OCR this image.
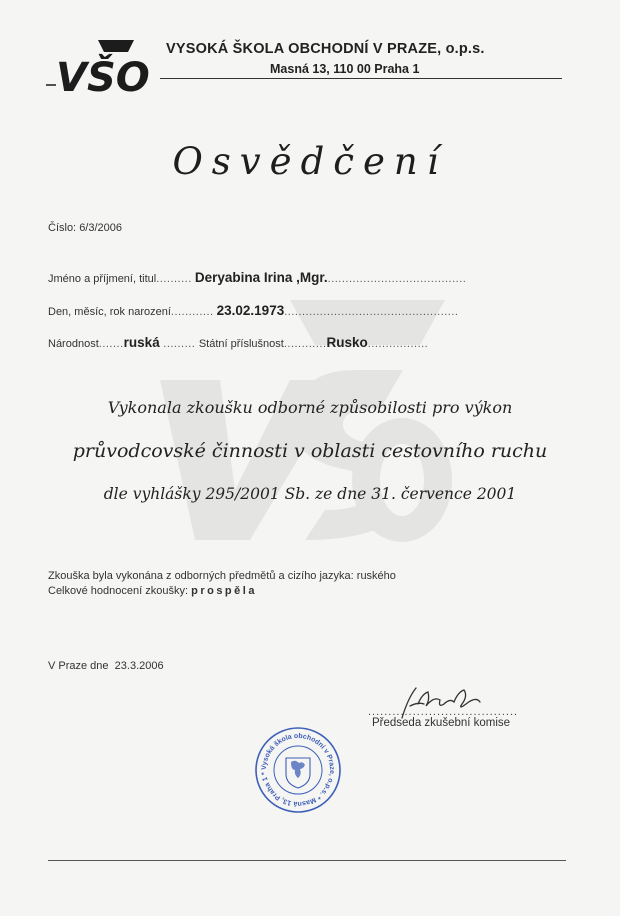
VŠO
VYSOKÁ ŠKOLA OBCHODNÍ V PRAZE, o.p.s.
Masná 13, 110 00 Praha 1
Osvědčení
Číslo: 6/3/2006
Jméno a příjmení, titul.......... Deryabina Irina ,Mgr........................................
Den, měsíc, rok narození............ 23.02.1973.................................................
Národnost.......ruská ......... Státní příslušnost............Rusko.................
Vykonala zkoušku odborné způsobilosti pro výkon
průvodcovské činnosti v oblasti cestovního ruchu
dle vyhlášky 295/2001 Sb. ze dne 31. července 2001
Zkouška byla vykonána z odborných předmětů a cizího jazyka: ruského
Celkové hodnocení zkoušky: prospěla
V Praze dne 23.3.2006
.....................................
Předseda zkušební komise
Vysoká škola obchodní v Praze, o.p.s. * Masná 13, Praha 1 *
